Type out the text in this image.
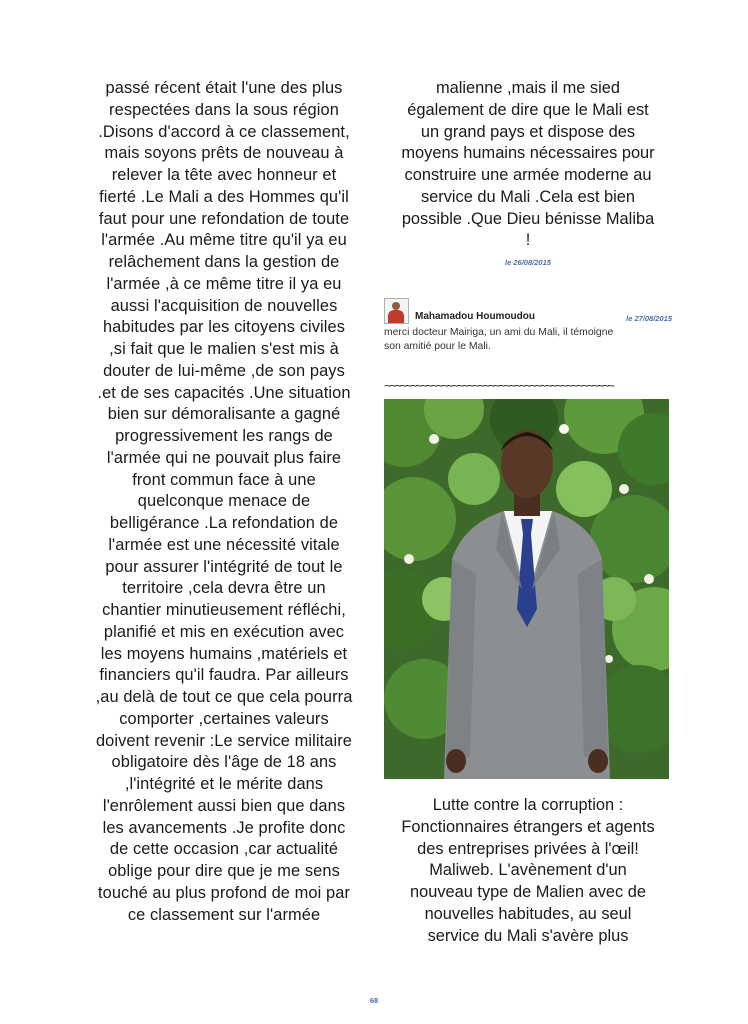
passé récent était l'une des plus

respectées dans la sous région

.Disons d'accord à ce classement,

mais soyons prêts de nouveau à

relever la tête avec honneur et

fierté .Le Mali a des Hommes qu'il

faut pour une refondation de toute

l'armée .Au même titre qu'il ya eu

relâchement dans la gestion de

l'armée ,à ce même titre il ya eu

aussi l'acquisition de nouvelles

habitudes par les citoyens civiles

,si fait que le malien s'est mis à

douter de lui-même ,de son pays

.et de ses capacités .Une situation

bien sur démoralisante a gagné

progressivement les rangs de

l'armée qui ne pouvait plus faire

front commun face à une

quelconque menace de

belligérance .La refondation de

l'armée est une nécessité vitale

pour assurer l'intégrité de tout le

territoire ,cela devra être un

chantier minutieusement réfléchi,

planifié et mis en exécution avec

les moyens humains ,matériels et

financiers qu'il faudra. Par ailleurs

,au delà de tout ce que cela pourra

comporter ,certaines valeurs

doivent revenir :Le service militaire

obligatoire dès l'âge de 18 ans

,l'intégrité et le mérite dans

l'enrôlement aussi bien que dans

les avancements .Je profite donc

de cette occasion ,car actualité

oblige pour dire que je me sens

touché au plus profond de moi par

ce classement sur l'armée

malienne ,mais il me sied

également de dire que le Mali est

un grand pays et dispose des

moyens humains nécessaires pour

construire une armée moderne au

service du Mali .Cela est bien

possible .Que Dieu bénisse Maliba

!

le 26/08/2015
Mahamadou Houmoudou	le 27/08/2015
merci docteur Mairiga, un ami du Mali, il témoigne
son amitié pour le Mali.
~~~~~~~~~~~~~~~~~~~~~~~~~~~~~~~~~~~~~~~~~~~~

Lutte contre la corruption :

Fonctionnaires étrangers et agents

des entreprises privées à l'œil!

Maliweb. L'avènement d'un

nouveau type de Malien avec de

nouvelles habitudes, au seul

service du Mali s'avère plus

68
